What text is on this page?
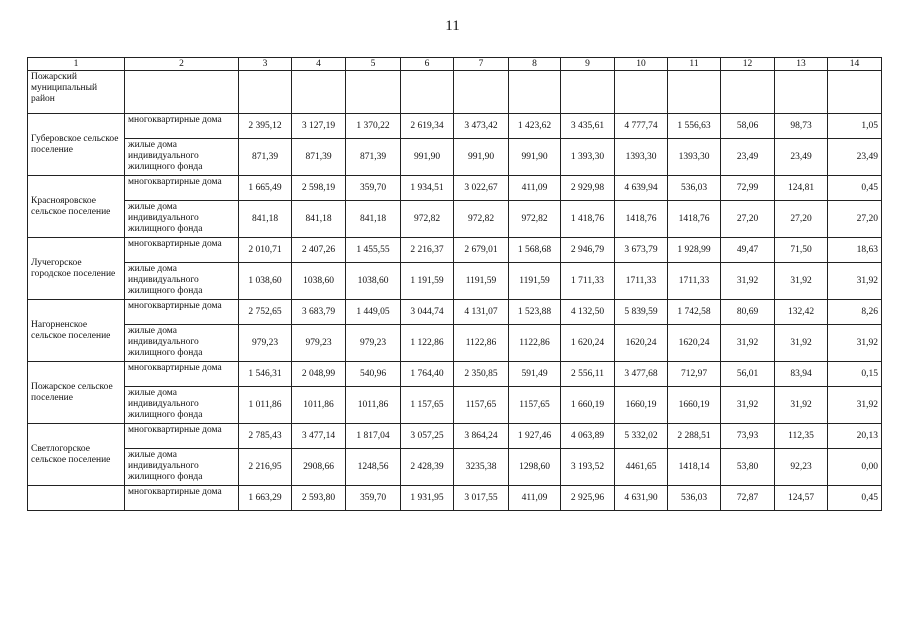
11
1	2	3	4	5	6	7	8	9	10	11	12	13	14
Пожарский муниципальный район													
Губеровское сельское поселение	многоквартирные дома	2 395,12	3 127,19	1 370,22	2 619,34	3 473,42	1 423,62	3 435,61	4 777,74	1 556,63	58,06	98,73	1,05
	жилые дома индивидуального жилищного фонда	871,39	871,39	871,39	991,90	991,90	991,90	1 393,30	1393,30	1393,30	23,49	23,49	23,49
Краснояровское сельское поселение	многоквартирные дома	1 665,49	2 598,19	359,70	1 934,51	3 022,67	411,09	2 929,98	4 639,94	536,03	72,99	124,81	0,45
	жилые дома индивидуального жилищного фонда	841,18	841,18	841,18	972,82	972,82	972,82	1 418,76	1418,76	1418,76	27,20	27,20	27,20
Лучегорское городское поселение	многоквартирные дома	2 010,71	2 407,26	1 455,55	2 216,37	2 679,01	1 568,68	2 946,79	3 673,79	1 928,99	49,47	71,50	18,63
	жилые дома индивидуального жилищного фонда	1 038,60	1038,60	1038,60	1 191,59	1191,59	1191,59	1 711,33	1711,33	1711,33	31,92	31,92	31,92
Нагорненское сельское поселение	многоквартирные дома	2 752,65	3 683,79	1 449,05	3 044,74	4 131,07	1 523,88	4 132,50	5 839,59	1 742,58	80,69	132,42	8,26
	жилые дома индивидуального жилищного фонда	979,23	979,23	979,23	1 122,86	1122,86	1122,86	1 620,24	1620,24	1620,24	31,92	31,92	31,92
Пожарское сельское поселение	многоквартирные дома	1 546,31	2 048,99	540,96	1 764,40	2 350,85	591,49	2 556,11	3 477,68	712,97	56,01	83,94	0,15
	жилые дома индивидуального жилищного фонда	1 011,86	1011,86	1011,86	1 157,65	1157,65	1157,65	1 660,19	1660,19	1660,19	31,92	31,92	31,92
Светлогорское сельское поселение	многоквартирные дома	2 785,43	3 477,14	1 817,04	3 057,25	3 864,24	1 927,46	4 063,89	5 332,02	2 288,51	73,93	112,35	20,13
	жилые дома индивидуального жилищного фонда	2 216,95	2908,66	1248,56	2 428,39	3235,38	1298,60	3 193,52	4461,65	1418,14	53,80	92,23	0,00
	многоквартирные дома	1 663,29	2 593,80	359,70	1 931,95	3 017,55	411,09	2 925,96	4 631,90	536,03	72,87	124,57	0,45
